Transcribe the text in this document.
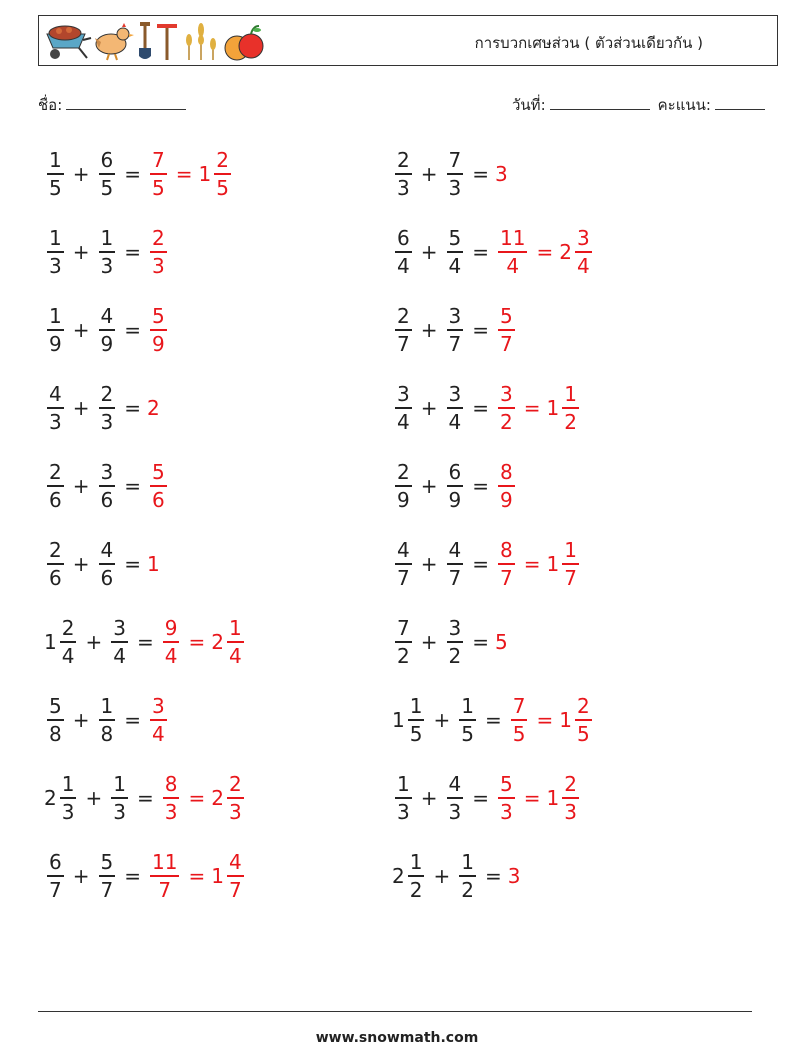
การบวกเศษส่วน ( ตัวส่วนเดียวกัน )
ชื่อ:	วันที่:	คะแนน:
$\frac{1}{5} + \frac{6}{5} = \frac{7}{5} = 1 \frac{2}{5}$	$\frac{2}{3} + \frac{7}{3} = 3$
$\frac{1}{3} + \frac{1}{3} = \frac{2}{3}$	$\frac{6}{4} + \frac{5}{4} = \frac{11}{4} = 2 \frac{3}{4}$
$\frac{1}{9} + \frac{4}{9} = \frac{5}{9}$	$\frac{2}{7} + \frac{3}{7} = \frac{5}{7}$
$\frac{4}{3} + \frac{2}{3} = 2$	$\frac{3}{4} + \frac{3}{4} = \frac{3}{2} = 1 \frac{1}{2}$
$\frac{2}{6} + \frac{3}{6} = \frac{5}{6}$	$\frac{2}{9} + \frac{6}{9} = \frac{8}{9}$
$\frac{2}{6} + \frac{4}{6} = 1$	$\frac{4}{7} + \frac{4}{7} = \frac{8}{7} = 1 \frac{1}{7}$
$1 \frac{2}{4} + \frac{3}{4} = \frac{9}{4} = 2 \frac{1}{4}$	$\frac{7}{2} + \frac{3}{2} = 5$
$\frac{5}{8} + \frac{1}{8} = \frac{3}{4}$	$1 \frac{1}{5} + \frac{1}{5} = \frac{7}{5} = 1 \frac{2}{5}$
$2 \frac{1}{3} + \frac{1}{3} = \frac{8}{3} = 2 \frac{2}{3}$	$\frac{1}{3} + \frac{4}{3} = \frac{5}{3} = 1 \frac{2}{3}$
$\frac{6}{7} + \frac{5}{7} = \frac{11}{7} = 1 \frac{4}{7}$	$2 \frac{1}{2} + \frac{1}{2} = 3$
www.snowmath.com
